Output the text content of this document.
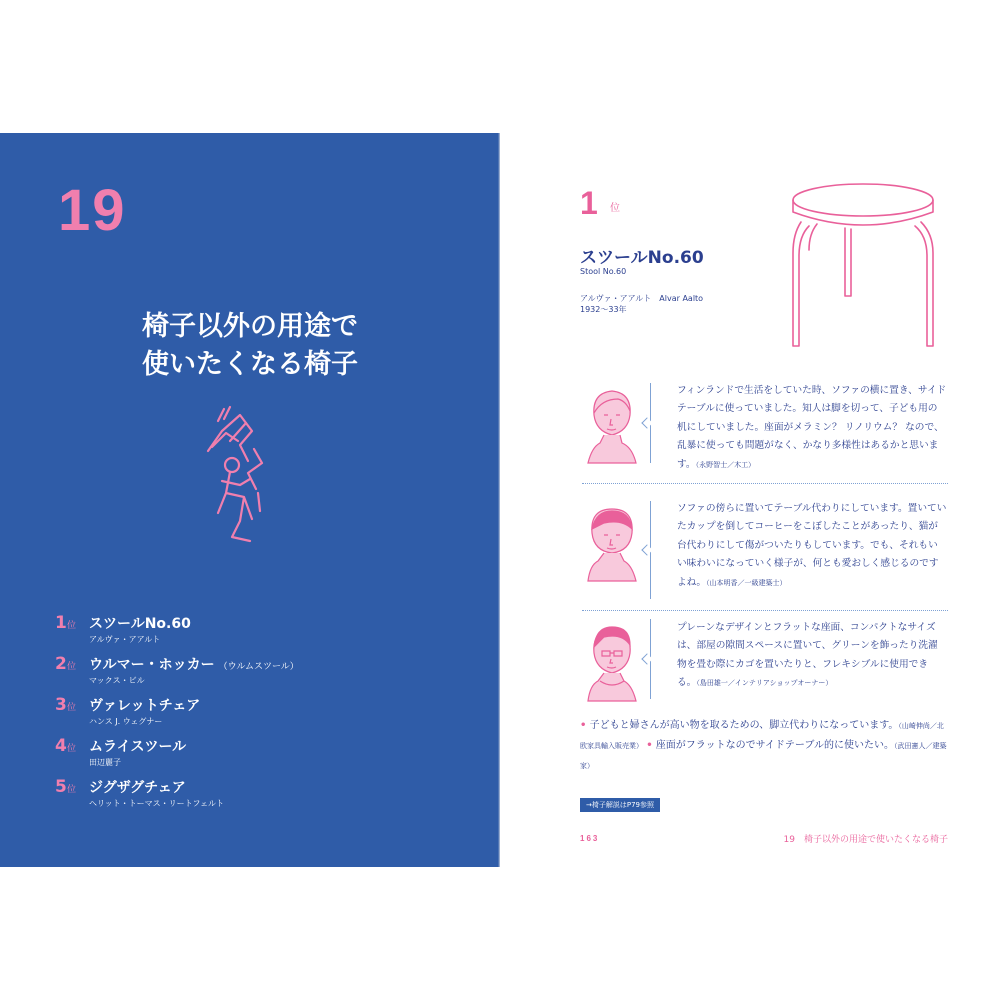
19
椅子以外の用途で
使いたくなる椅子
1 位 スツールNo.60
アルヴァ・アアルト
2 位 ウルマー・ホッカー （ウルムスツール）
マックス・ビル
3 位 ヴァレットチェア
ハンス J. ウェグナー
4 位 ムライスツール
田辺麗子
5 位 ジグザグチェア
ヘリット・トーマス・リートフェルト
1 位
スツールNo.60
Stool No.60
アルヴァ・アアルト　Alvar Aalto
1932〜33年
フィンランドで生活をしていた時、ソファの横に置き、サイドテーブルに使っていました。知人は脚を切って、子ども用の机にしていました。座面がメラミン？ リノリウム？ なので、乱暴に使っても問題がなく、かなり多様性はあるかと思います。（永野智士／木工）
ソファの傍らに置いてテーブル代わりにしています。置いていたカップを倒してコーヒーをこぼしたことがあったり、猫が台代わりにして傷がついたりもしています。でも、それもいい味わいになっていく様子が、何とも愛おしく感じるのですよね。（山本明香／一級建築士）
プレーンなデザインとフラットな座面、コンパクトなサイズは、部屋の隙間スペースに置いて、グリーンを飾ったり洗濯物を畳む際にカゴを置いたりと、フレキシブルに使用できる。（島田雄一／インテリアショップオーナー）
• 子どもと婦さんが高い物を取るための、脚立代わりになっています。（山崎伸尚／北欧家具輸入販売業） • 座面がフラットなのでサイドテーブル的に使いたい。（武田憲人／建築家）
→椅子解説はP79参照
163	19　椅子以外の用途で使いたくなる椅子
